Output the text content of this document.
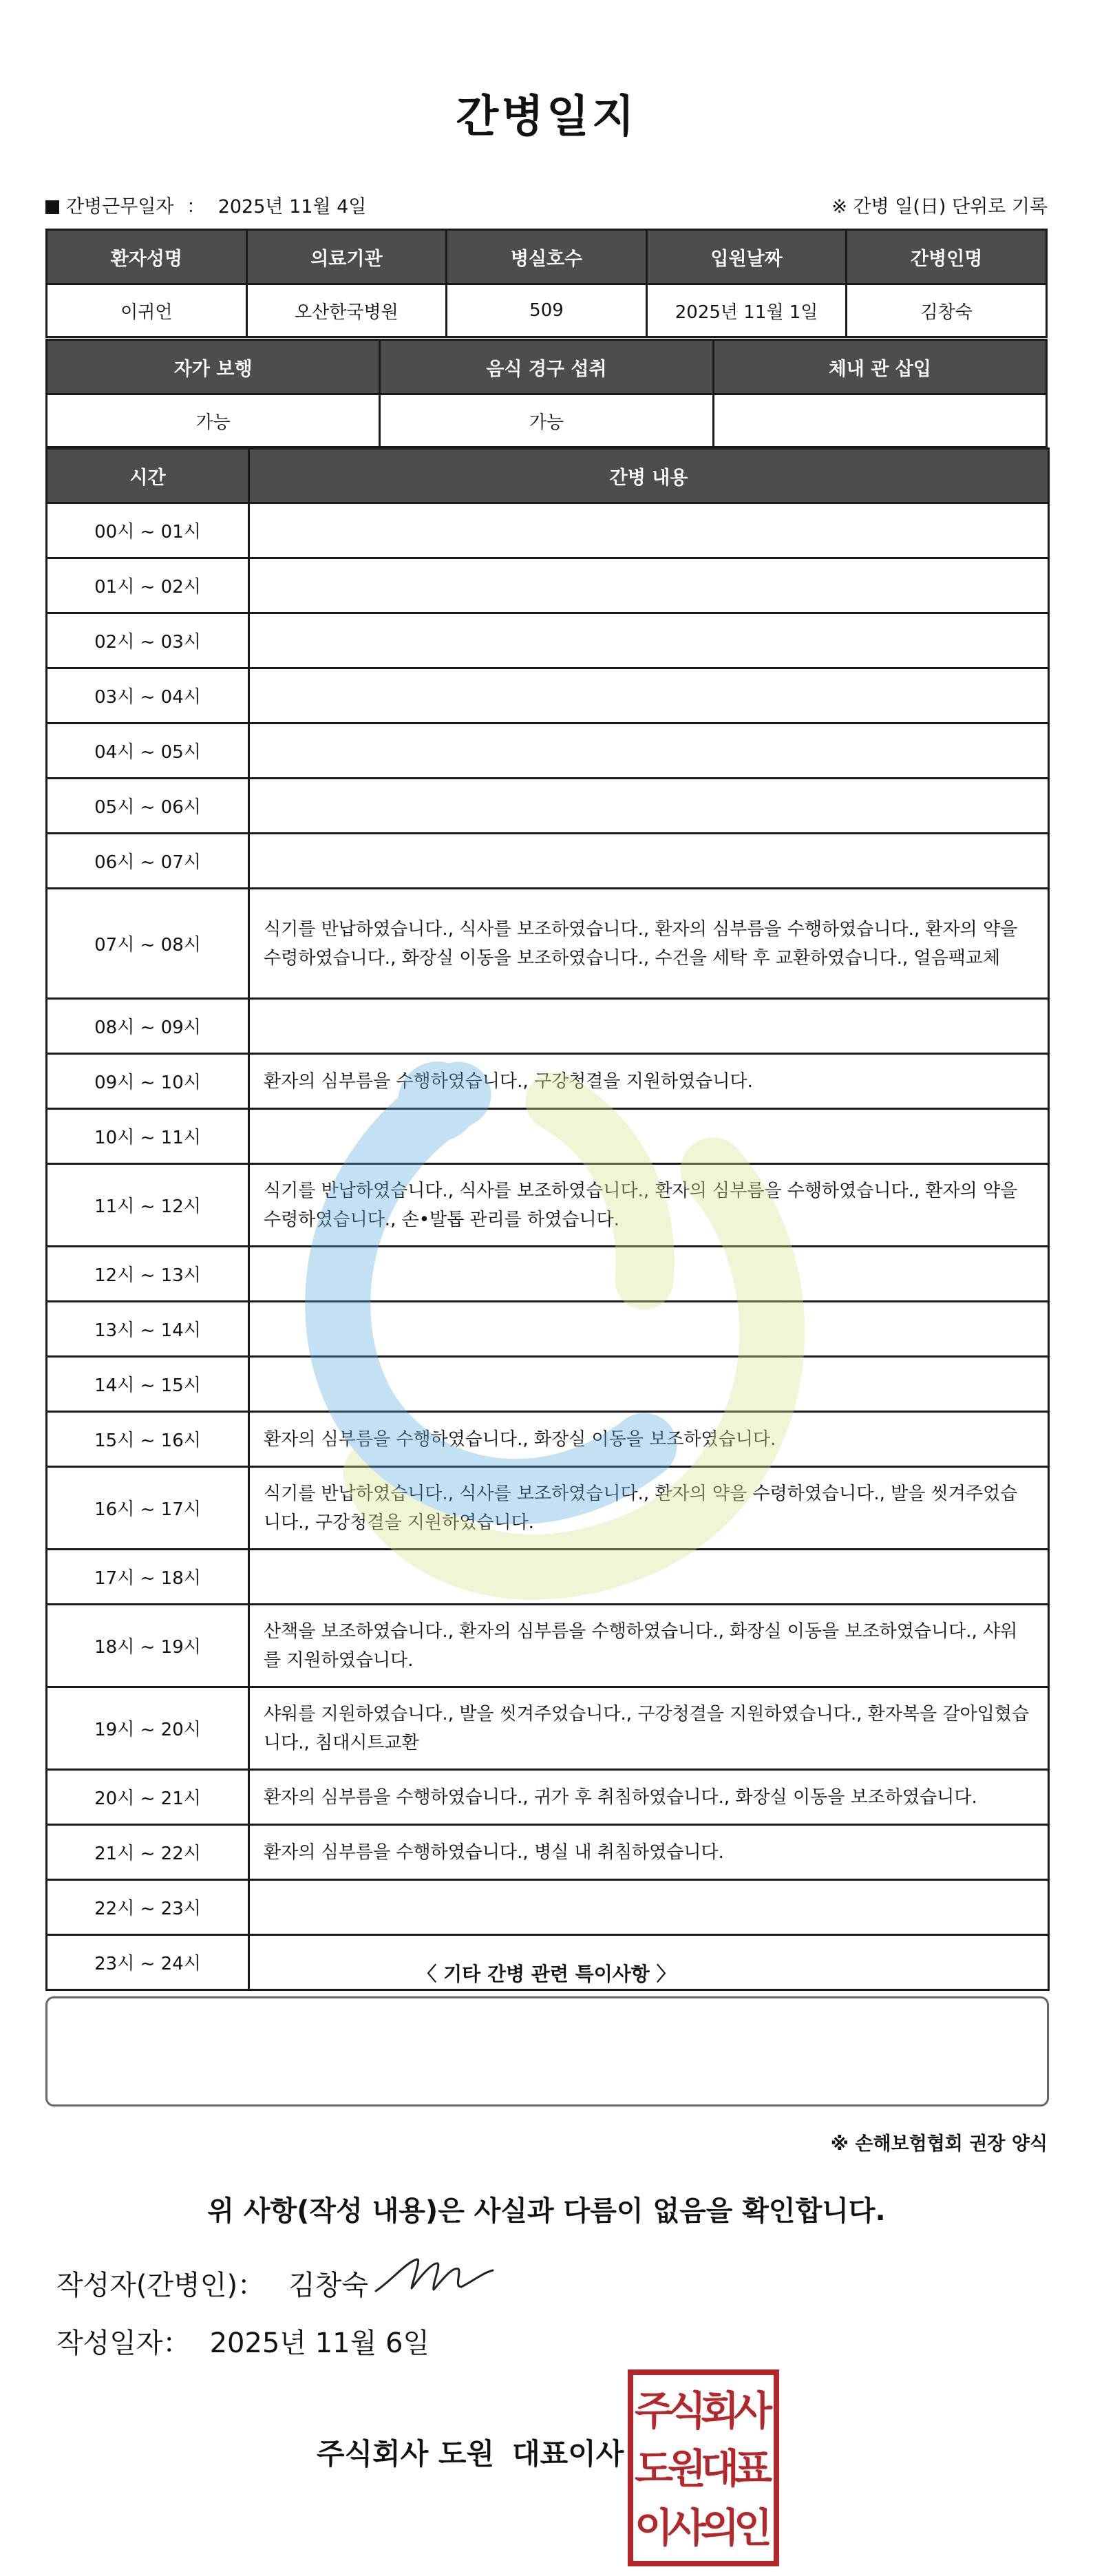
간병일지
간병근무일자 ： 2025년 11월 4일	※ 간병 일(日) 단위로 기록
환자성명	의료기관	병실호수	입원날짜	간병인명
이귀언	오산한국병원	509	2025년 11월 1일	김창숙
자가 보행	음식 경구 섭취	체내 관 삽입
가능	가능	
시간	간병 내용
00시 ~ 01시	
01시 ~ 02시	
02시 ~ 03시	
03시 ~ 04시	
04시 ~ 05시	
05시 ~ 06시	
06시 ~ 07시	
07시 ~ 08시	식기를 반납하였습니다., 식사를 보조하였습니다., 환자의 심부름을 수행하였습니다., 환자의 약을 수령하였습니다., 화장실 이동을 보조하였습니다., 수건을 세탁 후 교환하였습니다., 얼음팩교체
08시 ~ 09시	
09시 ~ 10시	환자의 심부름을 수행하였습니다., 구강청결을 지원하였습니다.
10시 ~ 11시	
11시 ~ 12시	식기를 반납하였습니다., 식사를 보조하였습니다., 환자의 심부름을 수행하였습니다., 환자의 약을 수령하였습니다., 손•발톱 관리를 하였습니다.
12시 ~ 13시	
13시 ~ 14시	
14시 ~ 15시	
15시 ~ 16시	환자의 심부름을 수행하였습니다., 화장실 이동을 보조하였습니다.
16시 ~ 17시	식기를 반납하였습니다., 식사를 보조하였습니다., 환자의 약을 수령하였습니다., 발을 씻겨주었습니다., 구강청결을 지원하였습니다.
17시 ~ 18시	
18시 ~ 19시	산책을 보조하였습니다., 환자의 심부름을 수행하였습니다., 화장실 이동을 보조하였습니다., 샤워를 지원하였습니다.
19시 ~ 20시	샤워를 지원하였습니다., 발을 씻겨주었습니다., 구강청결을 지원하였습니다., 환자복을 갈아입혔습니다., 침대시트교환
20시 ~ 21시	환자의 심부름을 수행하였습니다., 귀가 후 취침하였습니다., 화장실 이동을 보조하였습니다.
21시 ~ 22시	환자의 심부름을 수행하였습니다., 병실 내 취침하였습니다.
22시 ~ 23시	
23시 ~ 24시		〈 기타 간병 관련 특이사항 〉
※ 손해보험협회 권장 양식
위 사항(작성 내용)은 사실과 다름이 없음을 확인합니다.
작성자(간병인)： 김창숙
작성일자： 2025년 11월 6일
주식회사 도원 대표이사
주
식
회
사
도
원
대
표
이
사
의
인
